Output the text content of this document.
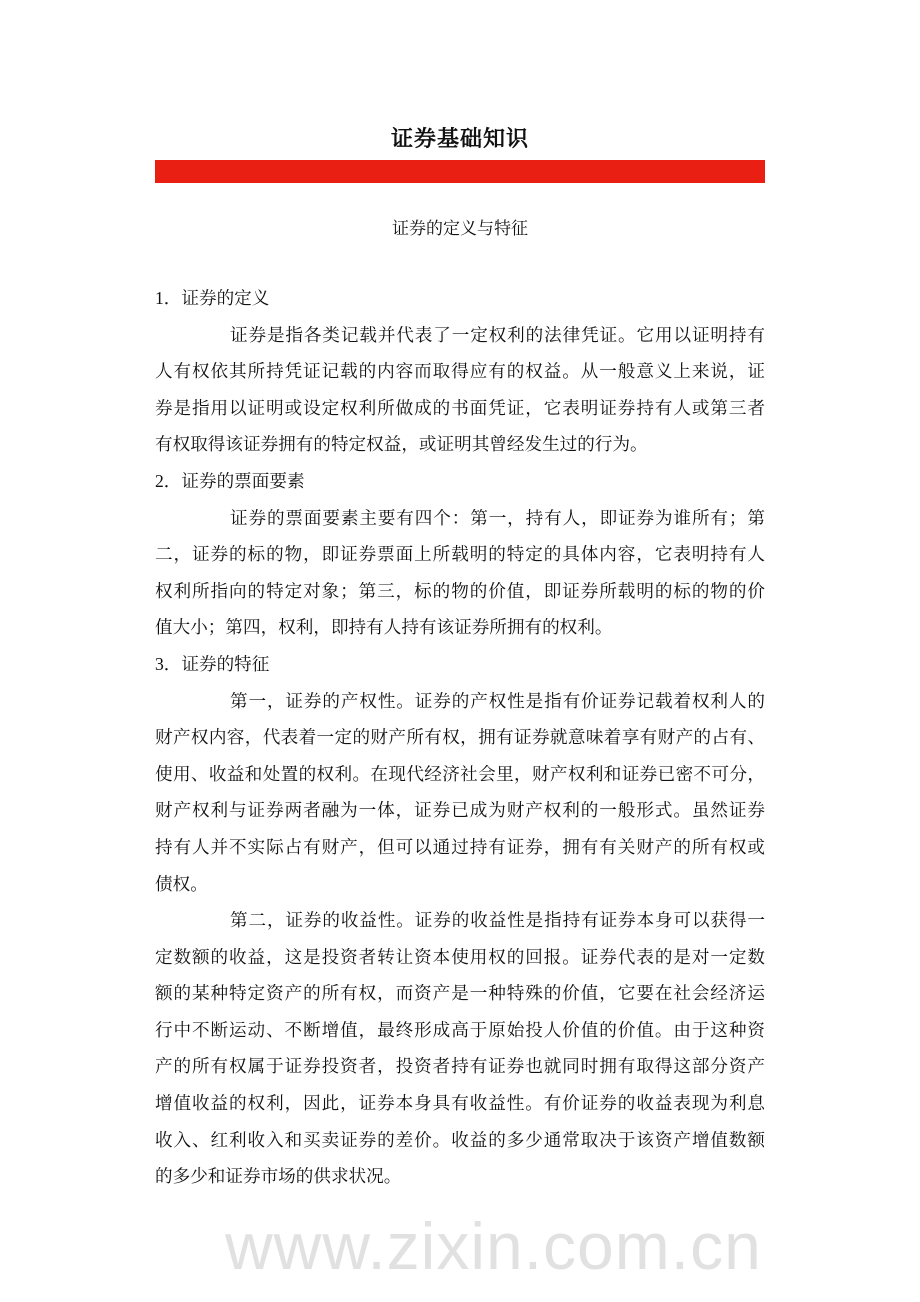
证券基础知识
证券的定义与特征
1．证券的定义
证券是指各类记载并代表了一定权利的法律凭证。它用以证明持有
人有权依其所持凭证记载的内容而取得应有的权益。从一般意义上来说，证
券是指用以证明或设定权利所做成的书面凭证，它表明证券持有人或第三者
有权取得该证券拥有的特定权益，或证明其曾经发生过的行为。
2．证券的票面要素
证券的票面要素主要有四个：第一，持有人，即证券为谁所有；第
二，证券的标的物，即证券票面上所载明的特定的具体内容，它表明持有人
权利所指向的特定对象；第三，标的物的价值，即证券所载明的标的物的价
值大小；第四，权利，即持有人持有该证券所拥有的权利。
3．证券的特征
第一，证券的产权性。证券的产权性是指有价证券记载着权利人的
财产权内容，代表着一定的财产所有权，拥有证券就意味着享有财产的占有、
使用、收益和处置的权利。在现代经济社会里，财产权利和证券已密不可分，
财产权利与证券两者融为一体，证券已成为财产权利的一般形式。虽然证券
持有人并不实际占有财产，但可以通过持有证券，拥有有关财产的所有权或
债权。
第二，证券的收益性。证券的收益性是指持有证券本身可以获得一
定数额的收益，这是投资者转让资本使用权的回报。证券代表的是对一定数
额的某种特定资产的所有权，而资产是一种特殊的价值，它要在社会经济运
行中不断运动、不断增值，最终形成高于原始投人价值的价值。由于这种资
产的所有权属于证券投资者，投资者持有证券也就同时拥有取得这部分资产
增值收益的权利，因此，证券本身具有收益性。有价证券的收益表现为利息
收入、红利收入和买卖证券的差价。收益的多少通常取决于该资产增值数额
的多少和证券市场的供求状况。
www.zixin.com.cn
